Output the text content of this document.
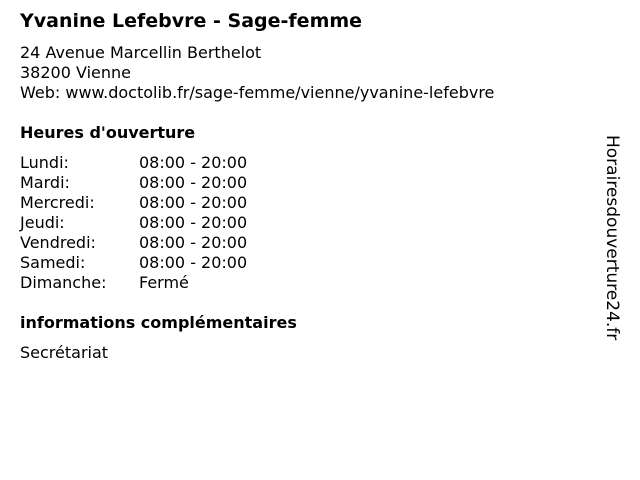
Yvanine Lefebvre - Sage-femme
24 Avenue Marcellin Berthelot
38200 Vienne
Web: www.doctolib.fr/sage-femme/vienne/yvanine-lefebvre
Heures d'ouverture
Lundi:	08:00 - 20:00
Mardi:	08:00 - 20:00
Mercredi:	08:00 - 20:00
Jeudi:	08:00 - 20:00
Vendredi:	08:00 - 20:00
Samedi:	08:00 - 20:00
Dimanche:	Fermé
informations complémentaires
Secrétariat
Horairesdouverture24.fr
